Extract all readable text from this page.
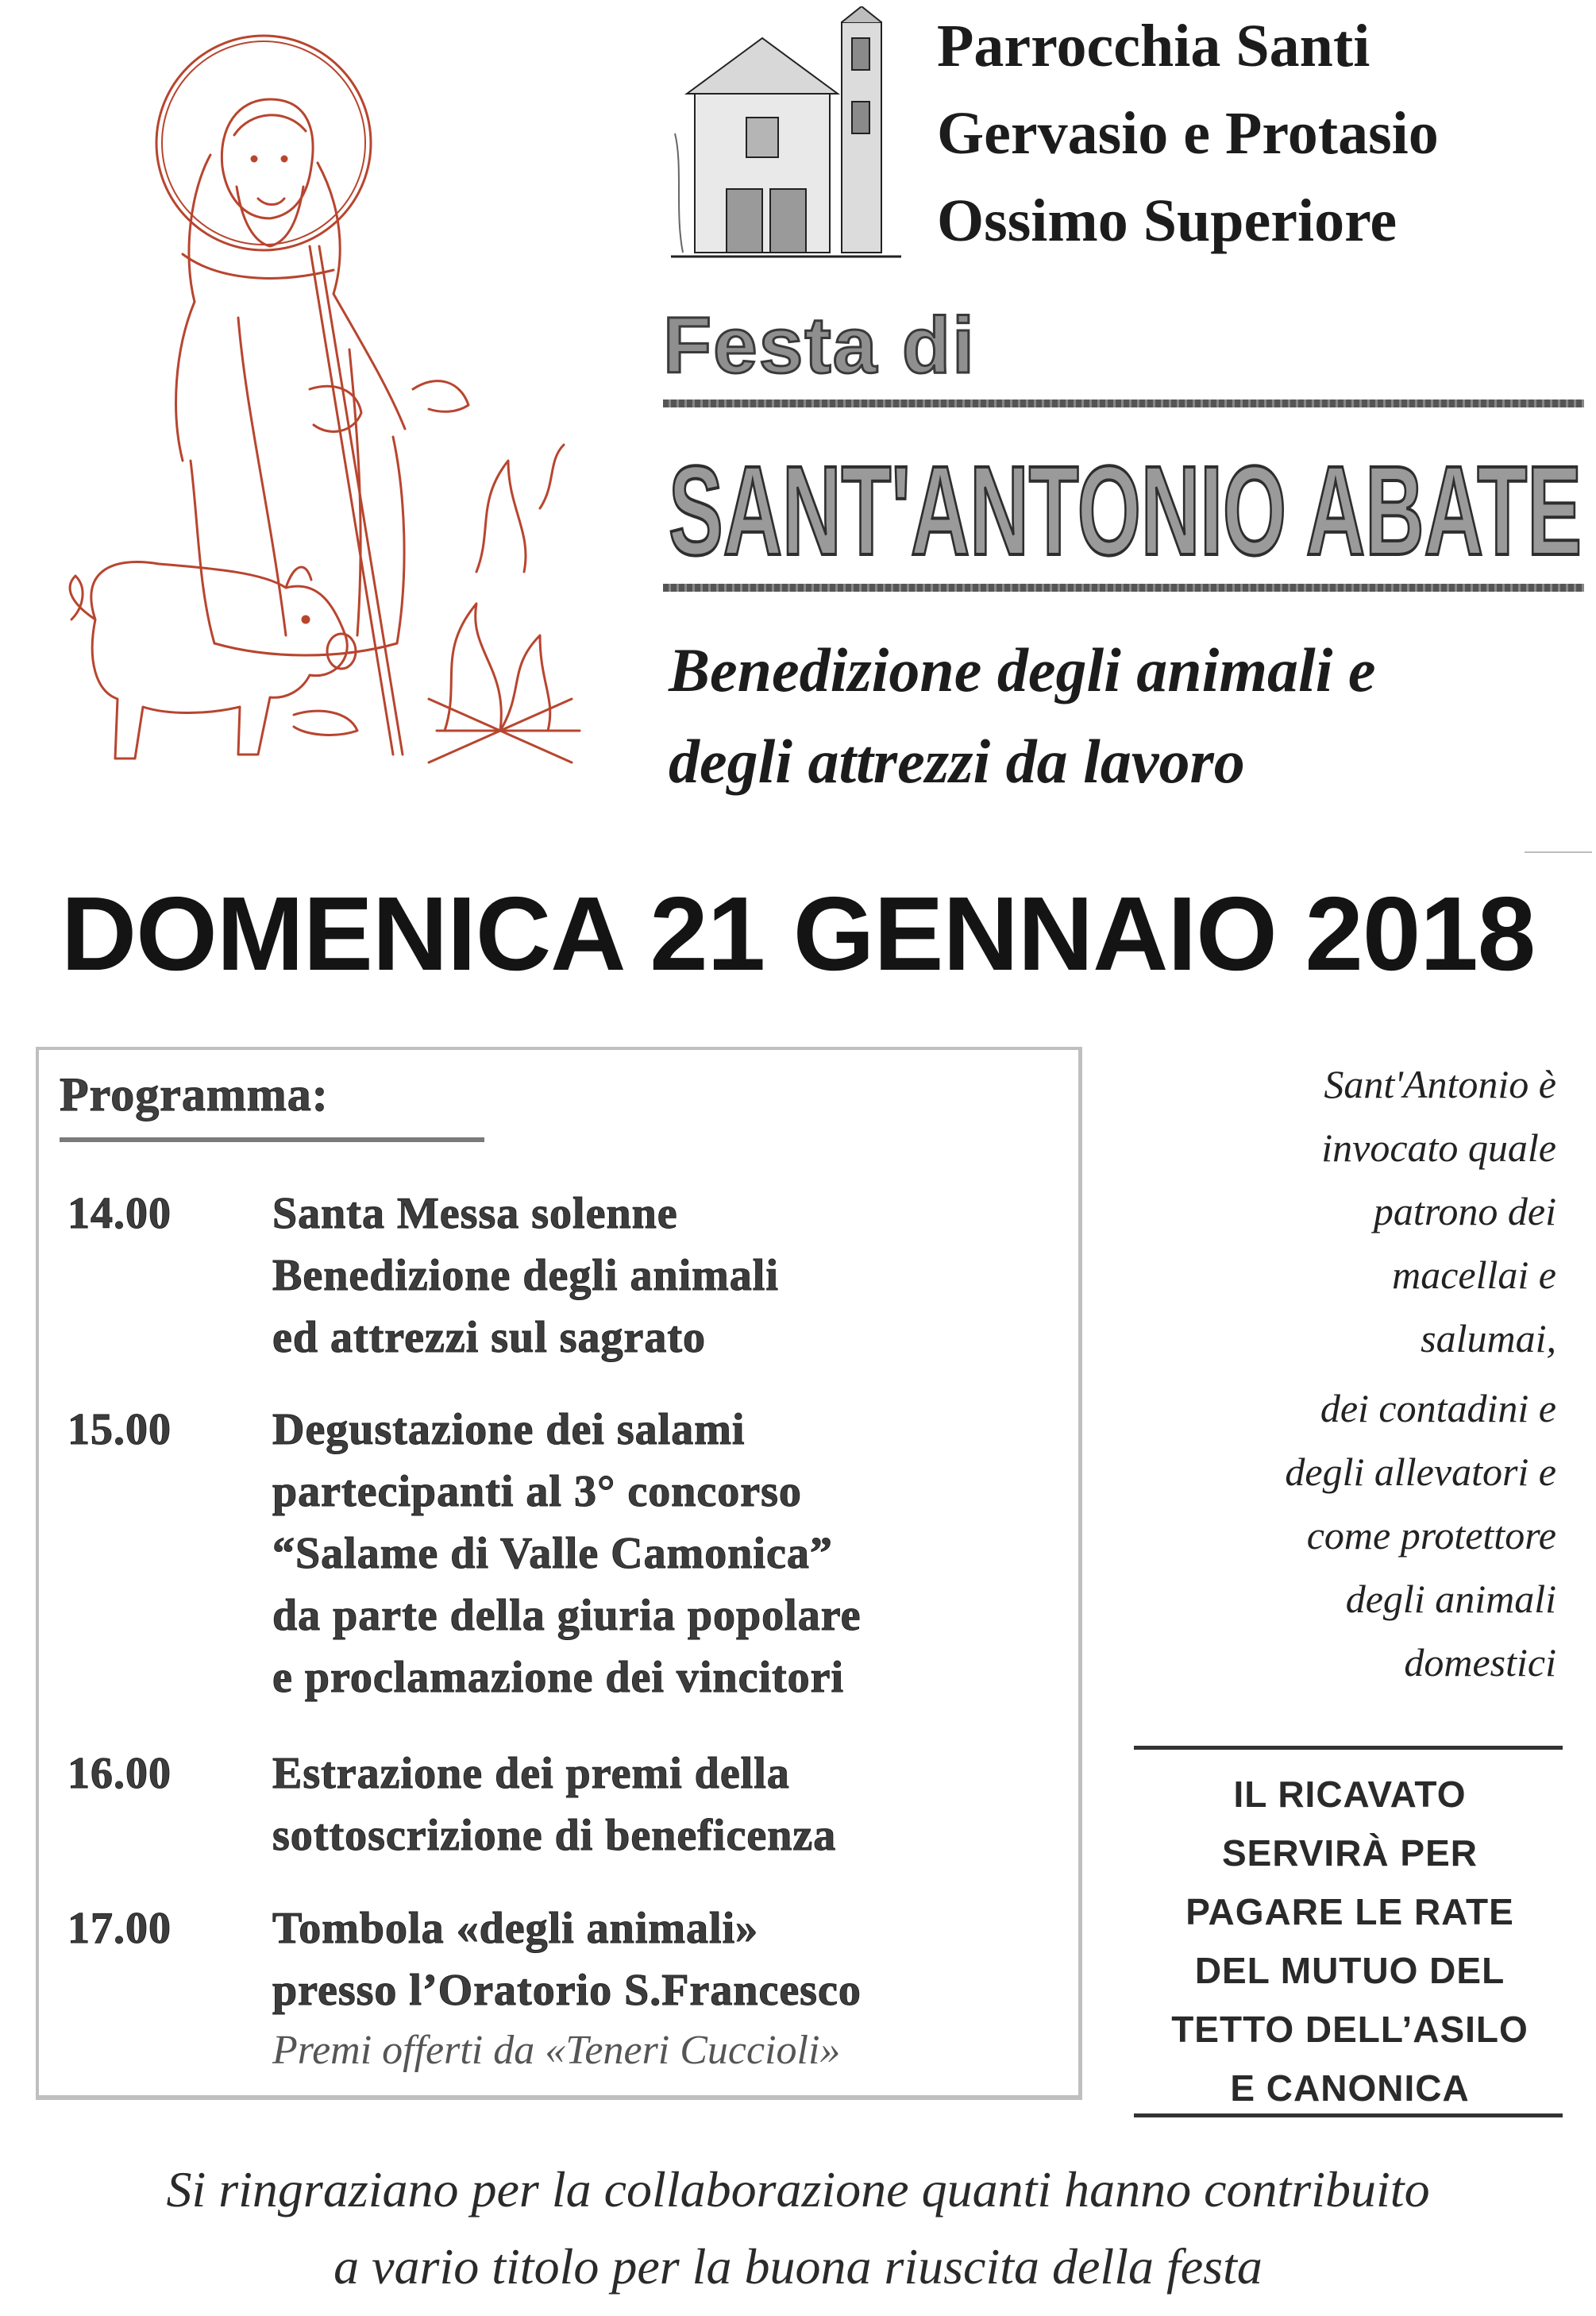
Parrocchia Santi
Gervasio e Protasio
Ossimo Superiore
Festa di
SANT'ANTONIO ABATE
Benedizione degli animali e
degli attrezzi da lavoro
DOMENICA 21 GENNAIO 2018
Programma:
14.00 Santa Messa solenne
Benedizione degli animali
ed attrezzi sul sagrato
15.00 Degustazione dei salami
partecipanti al 3° concorso
“Salame di Valle Camonica”
da parte della giuria popolare
e proclamazione dei vincitori
16.00 Estrazione dei premi della
sottoscrizione di beneficenza
17.00 Tombola «degli animali»
presso l’Oratorio S.Francesco
Premi offerti da «Teneri Cuccioli»
Sant'Antonio è
invocato quale
patrono dei
macellai e
salumai,
dei contadini e
degli allevatori e
come protettore
degli animali
domestici
IL RICAVATO
SERVIRÀ PER
PAGARE LE RATE
DEL MUTUO DEL
TETTO DELL’ASILO
E CANONICA
Si ringraziano per la collaborazione quanti hanno contribuito
a vario titolo per la buona riuscita della festa
